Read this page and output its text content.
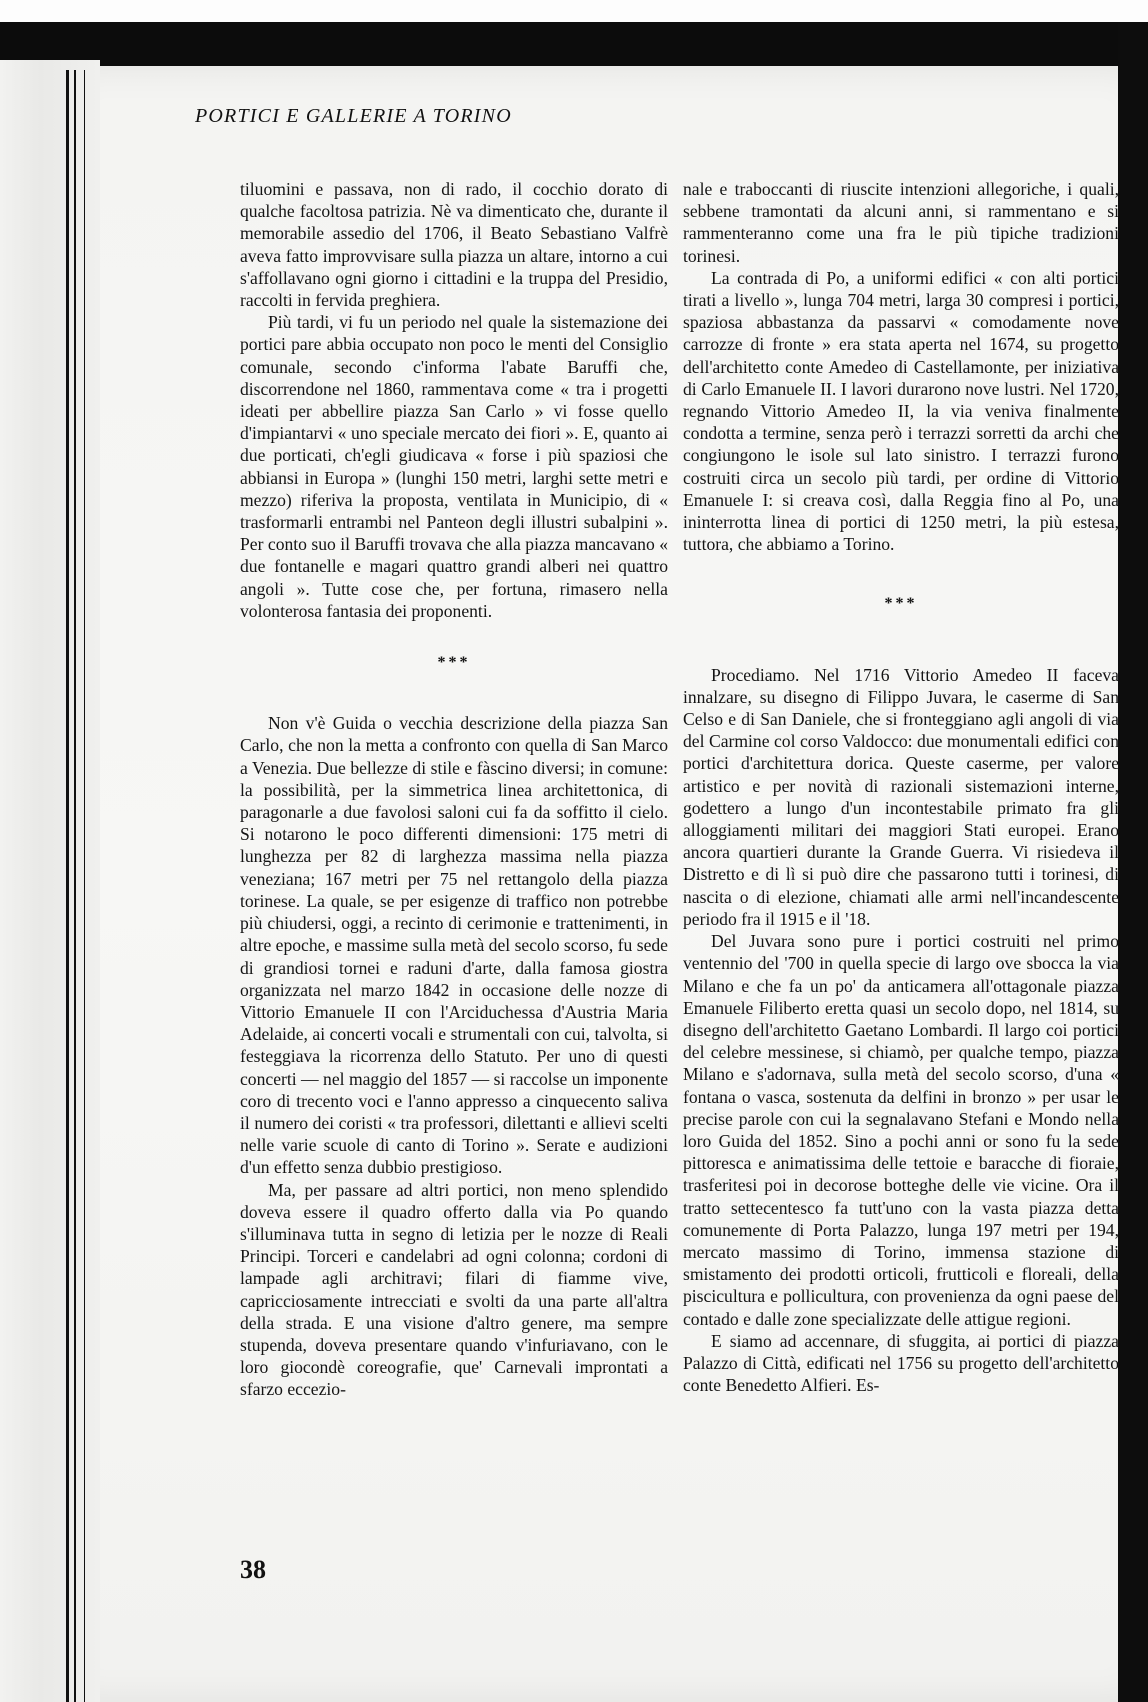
PORTICI E GALLERIE A TORINO

tiluomini e passava, non di rado, il cocchio dorato di qualche facoltosa patrizia. Nè va dimenticato che, durante il memorabile assedio del 1706, il Beato Sebastiano Valfrè aveva fatto improvvisare sulla piazza un altare, intorno a cui s'affollavano ogni giorno i cittadini e la truppa del Presidio, raccolti in fervida preghiera.

Più tardi, vi fu un periodo nel quale la sistemazione dei portici pare abbia occupato non poco le menti del Consiglio comunale, secondo c'informa l'abate Baruffi che, discorrendone nel 1860, rammentava come « tra i progetti ideati per abbellire piazza San Carlo » vi fosse quello d'impiantarvi « uno speciale mercato dei fiori ». E, quanto ai due porticati, ch'egli giudicava « forse i più spaziosi che abbiansi in Europa » (lunghi 150 metri, larghi sette metri e mezzo) riferiva la proposta, ventilata in Municipio, di « trasformarli entrambi nel Panteon degli illustri subalpini ». Per conto suo il Baruffi trovava che alla piazza mancavano « due fontanelle e magari quattro grandi alberi nei quattro angoli ». Tutte cose che, per fortuna, rimasero nella volonterosa fantasia dei proponenti.

***

Non v'è Guida o vecchia descrizione della piazza San Carlo, che non la metta a confronto con quella di San Marco a Venezia. Due bellezze di stile e fàscino diversi; in comune: la possibilità, per la simmetrica linea architettonica, di paragonarle a due favolosi saloni cui fa da soffitto il cielo. Si notarono le poco differenti dimensioni: 175 metri di lunghezza per 82 di larghezza massima nella piazza veneziana; 167 metri per 75 nel rettangolo della piazza torinese. La quale, se per esigenze di traffico non potrebbe più chiudersi, oggi, a recinto di cerimonie e trattenimenti, in altre epoche, e massime sulla metà del secolo scorso, fu sede di grandiosi tornei e raduni d'arte, dalla famosa giostra organizzata nel marzo 1842 in occasione delle nozze di Vittorio Emanuele II con l'Arciduchessa d'Austria Maria Adelaide, ai concerti vocali e strumentali con cui, talvolta, si festeggiava la ricorrenza dello Statuto. Per uno di questi concerti — nel maggio del 1857 — si raccolse un imponente coro di trecento voci e l'anno appresso a cinquecento saliva il numero dei coristi « tra professori, dilettanti e allievi scelti nelle varie scuole di canto di Torino ». Serate e audizioni d'un effetto senza dubbio prestigioso.

Ma, per passare ad altri portici, non meno splendido doveva essere il quadro offerto dalla via Po quando s'illuminava tutta in segno di letizia per le nozze di Reali Principi. Torceri e candelabri ad ogni colonna; cordoni di lampade agli architravi; filari di fiamme vive, capricciosamente intrecciati e svolti da una parte all'altra della strada. E una visione d'altro genere, ma sempre stupenda, doveva presentare quando v'infuriavano, con le loro giocondè coreografie, que' Carnevali improntati a sfarzo eccezio-

nale e traboccanti di riuscite intenzioni allegoriche, i quali, sebbene tramontati da alcuni anni, si rammentano e si rammenteranno come una fra le più tipiche tradizioni torinesi.

La contrada di Po, a uniformi edifici « con alti portici tirati a livello », lunga 704 metri, larga 30 compresi i portici, spaziosa abbastanza da passarvi « comodamente nove carrozze di fronte » era stata aperta nel 1674, su progetto dell'architetto conte Amedeo di Castellamonte, per iniziativa di Carlo Emanuele II. I lavori durarono nove lustri. Nel 1720, regnando Vittorio Amedeo II, la via veniva finalmente condotta a termine, senza però i terrazzi sorretti da archi che congiungono le isole sul lato sinistro. I terrazzi furono costruiti circa un secolo più tardi, per ordine di Vittorio Emanuele I: si creava così, dalla Reggia fino al Po, una ininterrotta linea di portici di 1250 metri, la più estesa, tuttora, che abbiamo a Torino.

***

Procediamo. Nel 1716 Vittorio Amedeo II faceva innalzare, su disegno di Filippo Juvara, le caserme di San Celso e di San Daniele, che si fronteggiano agli angoli di via del Carmine col corso Valdocco: due monumentali edifici con portici d'architettura dorica. Queste caserme, per valore artistico e per novità di razionali sistemazioni interne, godettero a lungo d'un incontestabile primato fra gli alloggiamenti militari dei maggiori Stati europei. Erano ancora quartieri durante la Grande Guerra. Vi risiedeva il Distretto e di lì si può dire che passarono tutti i torinesi, di nascita o di elezione, chiamati alle armi nell'incandescente periodo fra il 1915 e il '18.

Del Juvara sono pure i portici costruiti nel primo ventennio del '700 in quella specie di largo ove sbocca la via Milano e che fa un po' da anticamera all'ottagonale piazza Emanuele Filiberto eretta quasi un secolo dopo, nel 1814, su disegno dell'architetto Gaetano Lombardi. Il largo coi portici del celebre messinese, si chiamò, per qualche tempo, piazza Milano e s'adornava, sulla metà del secolo scorso, d'una « fontana o vasca, sostenuta da delfini in bronzo » per usar le precise parole con cui la segnalavano Stefani e Mondo nella loro Guida del 1852. Sino a pochi anni or sono fu la sede pittoresca e animatissima delle tettoie e baracche di fioraie, trasferitesi poi in decorose botteghe delle vie vicine. Ora il tratto settecentesco fa tutt'uno con la vasta piazza detta comunemente di Porta Palazzo, lunga 197 metri per 194, mercato massimo di Torino, immensa stazione di smistamento dei prodotti orticoli, frutticoli e floreali, della piscicultura e pollicultura, con provenienza da ogni paese del contado e dalle zone specializzate delle attigue regioni.

E siamo ad accennare, di sfuggita, ai portici di piazza Palazzo di Città, edificati nel 1756 su progetto dell'architetto conte Benedetto Alfieri. Es-

38
